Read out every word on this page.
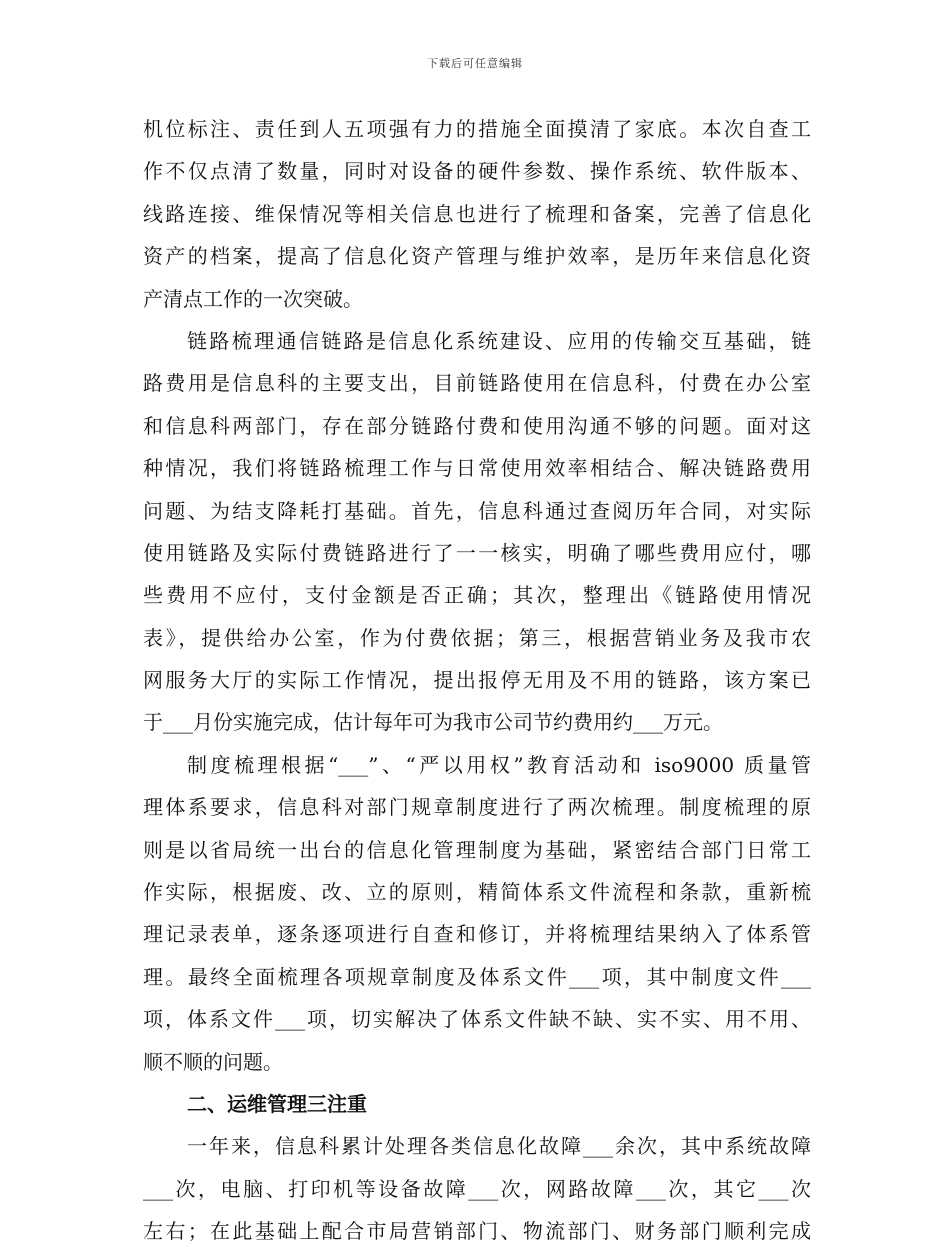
下载后可任意编辑
机位标注、责任到人五项强有力的措施全面摸清了家底。本次自查工
作不仅点清了数量，同时对设备的硬件参数、操作系统、软件版本、
线路连接、维保情况等相关信息也进行了梳理和备案，完善了信息化
资产的档案，提高了信息化资产管理与维护效率，是历年来信息化资
产清点工作的一次突破。
链路梳理通信链路是信息化系统建设、应用的传输交互基础，链
路费用是信息科的主要支出，目前链路使用在信息科，付费在办公室
和信息科两部门，存在部分链路付费和使用沟通不够的问题。面对这
种情况，我们将链路梳理工作与日常使用效率相结合、解决链路费用
问题、为结支降耗打基础。首先，信息科通过查阅历年合同，对实际
使用链路及实际付费链路进行了一一核实，明确了哪些费用应付，哪
些费用不应付，支付金额是否正确；其次，整理出《链路使用情况
表》，提供给办公室，作为付费依据；第三，根据营销业务及我市农
网服务大厅的实际工作情况，提出报停无用及不用的链路，该方案已
于___月份实施完成，估计每年可为我市公司节约费用约___万元。
制度梳理根据“___”、“严以用权”教育活动和 iso9000 质量管
理体系要求，信息科对部门规章制度进行了两次梳理。制度梳理的原
则是以省局统一出台的信息化管理制度为基础，紧密结合部门日常工
作实际，根据废、改、立的原则，精简体系文件流程和条款，重新梳
理记录表单，逐条逐项进行自查和修订，并将梳理结果纳入了体系管
理。最终全面梳理各项规章制度及体系文件___项，其中制度文件___
项，体系文件___项，切实解决了体系文件缺不缺、实不实、用不用、
顺不顺的问题。
二、运维管理三注重
一年来，信息科累计处理各类信息化故障___余次，其中系统故障
___次，电脑、打印机等设备故障___次，网路故障___次，其它___次
左右；在此基础上配合市局营销部门、物流部门、财务部门顺利完成
